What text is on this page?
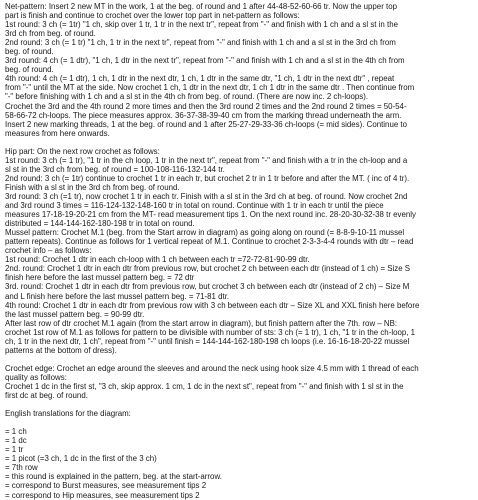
Net-pattern: Insert 2 new MT in the work, 1 at the beg. of round and 1 after 44-48-52-60-66 tr. Now the upper top
part is finish and continue to crochet over the lower top part in net-pattern as follows:
1st round: 3 ch (= 1tr) "1 ch, skip over 1 tr, 1 tr in the next tr", repeat from "-" and finish with 1 ch and a sl st in the
3rd ch from beg. of round.
2nd round: 3 ch (= 1 tr) "1 ch, 1 tr in the next tr", repeat from "-" and finish with 1 ch and a sl st in the 3rd ch from
beg. of round.
3rd round: 4 ch (= 1 dtr), "1 ch, 1 dtr in the next tr", repeat from "-" and finish with 1 ch and a sl st in the 4th ch from
beg. of round.
4th round: 4 ch (= 1 dtr), 1 ch, 1 dtr in the next dtr, 1 ch, 1 dtr in the same dtr, "1 ch, 1 dtr in the next dtr" , repeat
from "-" until the MT at the side. Now crochet 1 ch, 1 dtr in the next dtr, 1 ch 1 dtr in the same dtr . Then continue from
"-" before finishing with 1 ch and a sl st in the 4th ch from beg. of round. (There are now inc. 2 ch-loops).
Crochet the 3rd and the 4th round 2 more times and then the 3rd round 2 times and the 2nd round 2 times = 50-54-
58-66-72 ch-loops. The piece measures approx. 36-37-38-39-40 cm from the marking thread underneath the arm.
Insert 2 new marking threads, 1 at the beg. of round and 1 after 25-27-29-33-36 ch-loops (= mid sides). Continue to
measures from here onwards.
Hip part: On the next row crochet as follows:
1st round: 3 ch (= 1 tr), "1 tr in the ch loop, 1 tr in the next tr", repeat from "-" and finish with a tr in the ch-loop and a
sl st in the 3rd ch from beg. of round = 100-108-116-132-144 tr.
2nd round: 3 ch (= 1tr) continue to crochet 1 tr in each tr, but crochet 2 tr in 1 tr before and after the MT. ( inc of 4 tr).
Finish with a sl st in the 3rd ch from beg. of round.
3rd round: 3 ch (=1 tr), now crochet 1 tr in each tr. Finish with a sl st in the 3rd ch at beg. of round. Now crochet 2nd
and 3rd round 3 times = 116-124-132-148-160 tr in total on round. Continue with 1 tr in each tr until the piece
measures 17-18-19-20-21 cm from the MT- read measurement tips 1. On the next round inc. 28-20-30-32-38 tr evenly
distributed = 144-144-162-180-198 tr in total on round.
Mussel pattern: Crochet M.1 (beg. from the Start arrow in diagram) as going along on round (= 8-8-9-10-11 mussel
pattern repeats). Continue as follows for 1 vertical repeat of M.1. Continue to crochet 2-3-3-4-4 rounds with dtr – read
crochet info – as follows:
1st round: Crochet 1 dtr in each ch-loop with 1 ch between each tr =72-72-81-90-99 dtr.
2nd. round: Crochet 1 dtr in each dtr from previous row, but crochet 2 ch between each dtr (instead of 1 ch) = Size S
finish here before the last mussel pattern beg. = 72 dtr
3rd. round: Crochet 1 dtr in each dtr from previous row, but crochet 3 ch between each dtr (instead of 2 ch) – Size M
and L finish here before the last mussel pattern beg. = 71-81 dtr.
4th round: Crochet 1 dtr in each dtr from previous row with 3 ch between each dtr – Size XL and XXL finish here before
the last mussel pattern beg. = 90-99 dtr.
After last row of dtr crochet M.1 again (from the start arrow in diagram), but finish pattern after the 7th. row – NB:
crochet 1st row of M.1 as follows for pattern to be divisible with number of sts: 3 ch (= 1 tr), 1 ch, "1 tr in the ch-loop, 1
ch, 1 tr in the next dtr, 1 ch", repeat from "-" until finish = 144-144-162-180-198 ch loops (i.e. 16-16-18-20-22 mussel
patterns at the bottom of dress).
Crochet edge: Crochet an edge around the sleeves and around the neck using hook size 4.5 mm with 1 thread of each
quality as follows:
Crochet 1 dc in the first st, "3 ch, skip approx. 1 cm, 1 dc in the next st", repeat from "-" and finish with 1 sl st in the
first dc at beg. of round.
English translations for the diagram:
= 1 ch
= 1 dc
= 1 tr
= 1 picot (=3 ch, 1 dc in the first of the 3 ch)
= 7th row
= this round is explained in the pattern, beg. at the start-arrow.
= correspond to Burst measures, see measurement tips 2
= correspond to Hip measures, see measurement tips 2
